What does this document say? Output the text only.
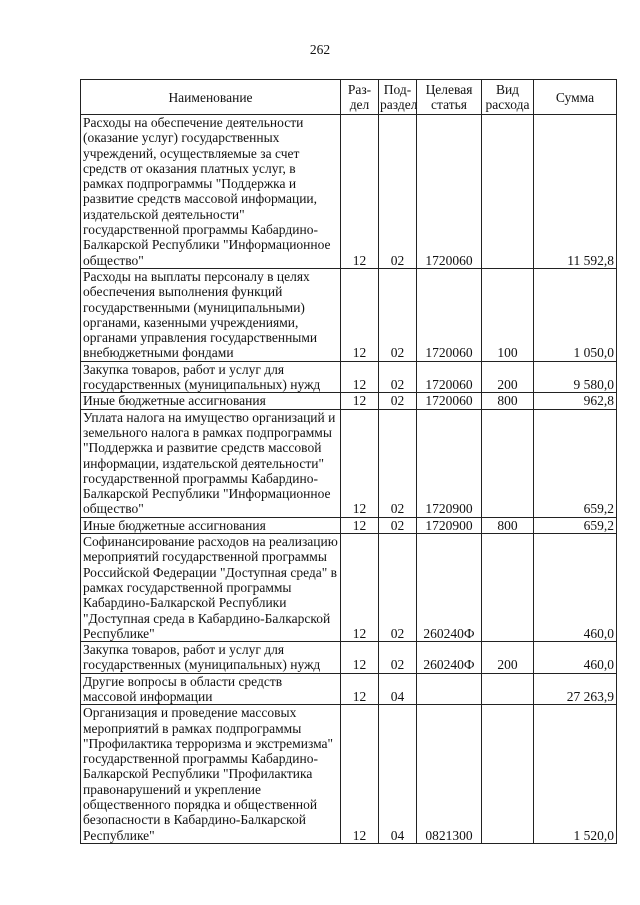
262
Наименование	Раз-дел	Под-раздел	Целевая статья	Вид расхода	Сумма
Расходы на обеспечение деятельности (оказание услуг) государственных учреждений, осуществляемые за счет средств от оказания платных услуг, в рамках подпрограммы "Поддержка и развитие средств массовой информации, издательской деятельности" государственной программы Кабардино-Балкарской Республики "Информационное общество"	12	02	1720060		11 592,8
Расходы на выплаты персоналу в целях обеспечения выполнения функций государственными (муниципальными) органами, казенными учреждениями, органами управления государственными внебюджетными фондами	12	02	1720060	100	1 050,0
Закупка товаров, работ и услуг для государственных (муниципальных) нужд	12	02	1720060	200	9 580,0
Иные бюджетные ассигнования	12	02	1720060	800	962,8
Уплата налога на имущество организаций и земельного налога в рамках подпрограммы "Поддержка и развитие средств массовой информации, издательской деятельности" государственной программы Кабардино-Балкарской Республики "Информационное общество"	12	02	1720900		659,2
Иные бюджетные ассигнования	12	02	1720900	800	659,2
Софинансирование расходов на реализацию мероприятий государственной программы Российской Федерации "Доступная среда" в рамках государственной программы Кабардино-Балкарской Республики "Доступная среда в Кабардино-Балкарской Республике"	12	02	260240Ф		460,0
Закупка товаров, работ и услуг для государственных (муниципальных) нужд	12	02	260240Ф	200	460,0
Другие вопросы в области средств массовой информации	12	04			27 263,9
Организация и проведение массовых мероприятий в рамках подпрограммы "Профилактика терроризма и экстремизма" государственной программы Кабардино-Балкарской Республики "Профилактика правонарушений и укрепление общественного порядка и общественной безопасности в Кабардино-Балкарской Республике"	12	04	0821300		1 520,0
